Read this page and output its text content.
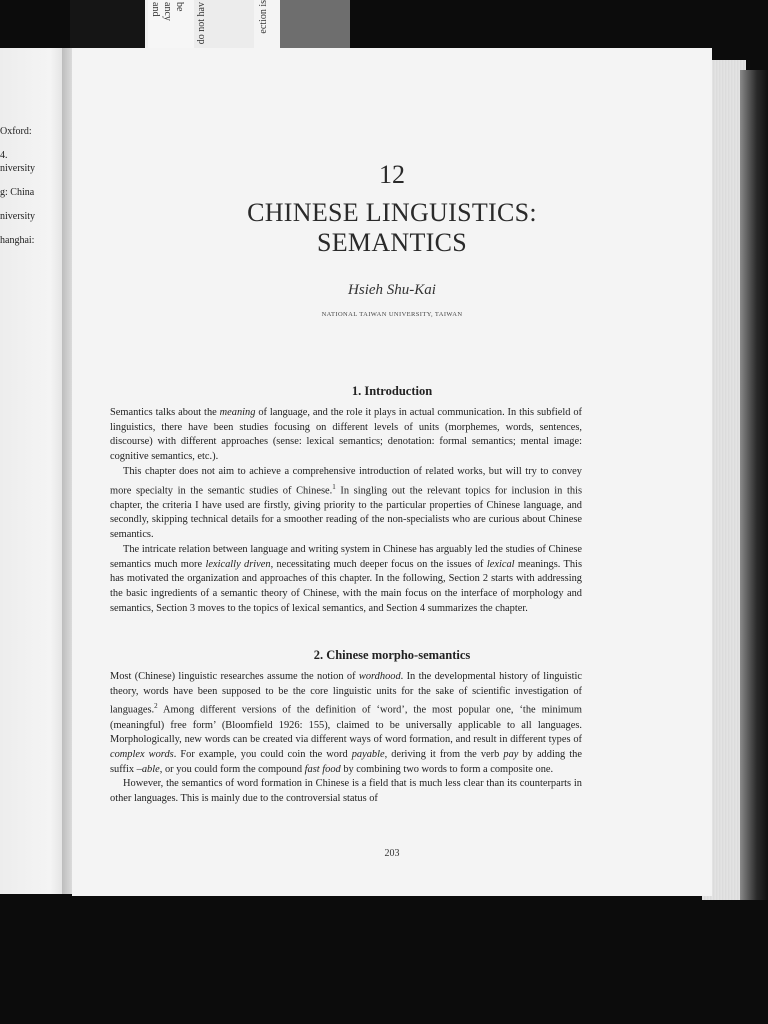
and ancy be do not hav	ection is
Oxford:
4.
niversity
g: China
niversity
hanghai:
12
CHINESE LINGUISTICS:
SEMANTICS
Hsieh Shu-Kai
NATIONAL TAIWAN UNIVERSITY, TAIWAN
1. Introduction

Semantics talks about the meaning of language, and the role it plays in actual communication. In this subfield of linguistics, there have been studies focusing on different levels of units (morphemes, words, sentences, discourse) with different approaches (sense: lexical semantics; denotation: formal semantics; mental image: cognitive semantics, etc.).

This chapter does not aim to achieve a comprehensive introduction of related works, but will try to convey more specialty in the semantic studies of Chinese.$^1$ In singling out the relevant topics for inclusion in this chapter, the criteria I have used are firstly, giving priority to the particular properties of Chinese language, and secondly, skipping technical details for a smoother reading of the non-specialists who are curious about Chinese semantics.

The intricate relation between language and writing system in Chinese has arguably led the studies of Chinese semantics much more lexically driven, necessitating much deeper focus on the issues of lexical meanings. This has motivated the organization and approaches of this chapter. In the following, Section 2 starts with addressing the basic ingredients of a semantic theory of Chinese, with the main focus on the interface of morphology and semantics, Section 3 moves to the topics of lexical semantics, and Section 4 summarizes the chapter.

2. Chinese morpho-semantics

Most (Chinese) linguistic researches assume the notion of wordhood. In the developmental history of linguistic theory, words have been supposed to be the core linguistic units for the sake of scientific investigation of languages.$^2$ Among different versions of the definition of ‘word’, the most popular one, ‘the minimum (meaningful) free form’ (Bloomfield 1926: 155), claimed to be universally applicable to all languages. Morphologically, new words can be created via different ways of word formation, and result in different types of complex words. For example, you could coin the word payable, deriving it from the verb pay by adding the suffix –able, or you could form the compound fast food by combining two words to form a composite one.

However, the semantics of word formation in Chinese is a field that is much less clear than its counterparts in other languages. This is mainly due to the controversial status of

203
